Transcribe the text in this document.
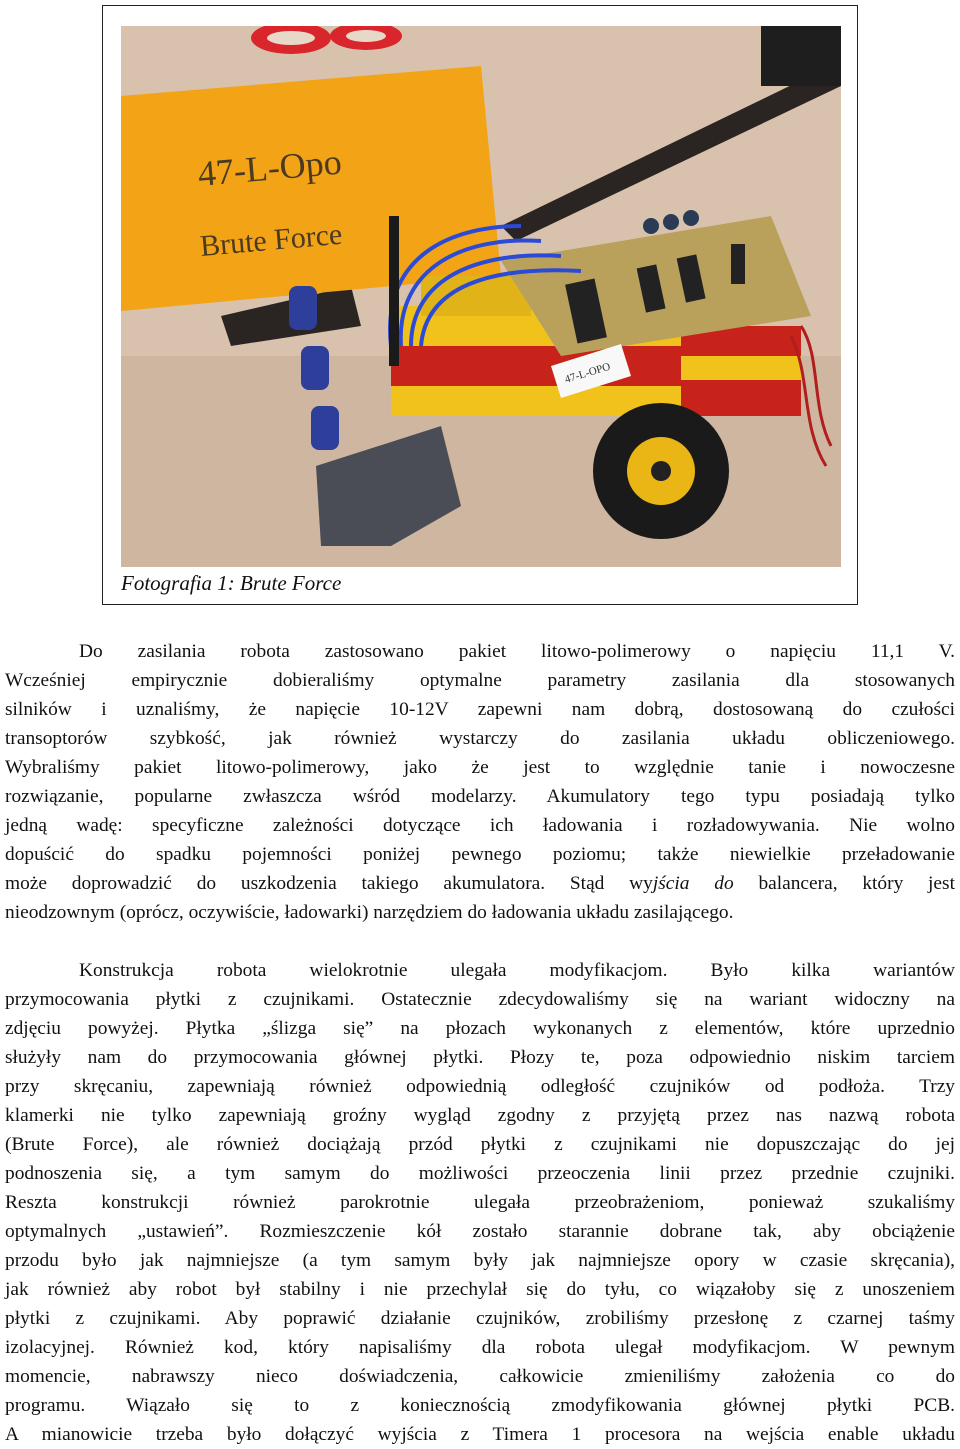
47-L-Opo
Brute Force
47-L-OPO
Fotografia 1: Brute Force
Do zasilania robota zastosowano pakiet litowo-polimerowy o napięciu 11,1 V.
Wcześniej empirycznie dobieraliśmy optymalne parametry zasilania dla stosowanych
silników i uznaliśmy, że napięcie 10-12V zapewni nam dobrą, dostosowaną do czułości
transoptorów szybkość, jak również wystarczy do zasilania układu obliczeniowego.
Wybraliśmy pakiet litowo-polimerowy, jako że jest to względnie tanie i nowoczesne
rozwiązanie, popularne zwłaszcza wśród modelarzy. Akumulatory tego typu posiadają tylko
jedną wadę: specyficzne zależności dotyczące ich ładowania i rozładowywania. Nie wolno
dopuścić do spadku pojemności poniżej pewnego poziomu; także niewielkie przeładowanie
może doprowadzić do uszkodzenia takiego akumulatora. Stąd wyjścia do balancera, który jest
nieodzownym (oprócz, oczywiście, ładowarki) narzędziem do ładowania układu zasilającego.
Konstrukcja robota wielokrotnie ulegała modyfikacjom. Było kilka wariantów
przymocowania płytki z czujnikami. Ostatecznie zdecydowaliśmy się na wariant widoczny na
zdjęciu powyżej. Płytka „ślizga się” na płozach wykonanych z elementów, które uprzednio
służyły nam do przymocowania głównej płytki. Płozy te, poza odpowiednio niskim tarciem
przy skręcaniu, zapewniają również odpowiednią odległość czujników od podłoża. Trzy
klamerki nie tylko zapewniają groźny wygląd zgodny z przyjętą przez nas nazwą robota
(Brute Force), ale również dociążają przód płytki z czujnikami nie dopuszczając do jej
podnoszenia się, a tym samym do możliwości przeoczenia linii przez przednie czujniki.
Reszta konstrukcji również parokrotnie ulegała przeobrażeniom, ponieważ szukaliśmy
optymalnych „ustawień”. Rozmieszczenie kół zostało starannie dobrane tak, aby obciążenie
przodu było jak najmniejsze (a tym samym były jak najmniejsze opory w czasie skręcania),
jak również aby robot był stabilny i nie przechylał się do tyłu, co wiązałoby się z unoszeniem
płytki z czujnikami. Aby poprawić działanie czujników, zrobiliśmy przesłonę z czarnej taśmy
izolacyjnej. Również kod, który napisaliśmy dla robota ulegał modyfikacjom. W pewnym
momencie, nabrawszy nieco doświadczenia, całkowicie zmieniliśmy założenia co do
programu. Wiązało się to z koniecznością zmodyfikowania głównej płytki PCB.
A mianowicie trzeba było dołączyć wyjścia z Timera 1 procesora na wejścia enable układu
